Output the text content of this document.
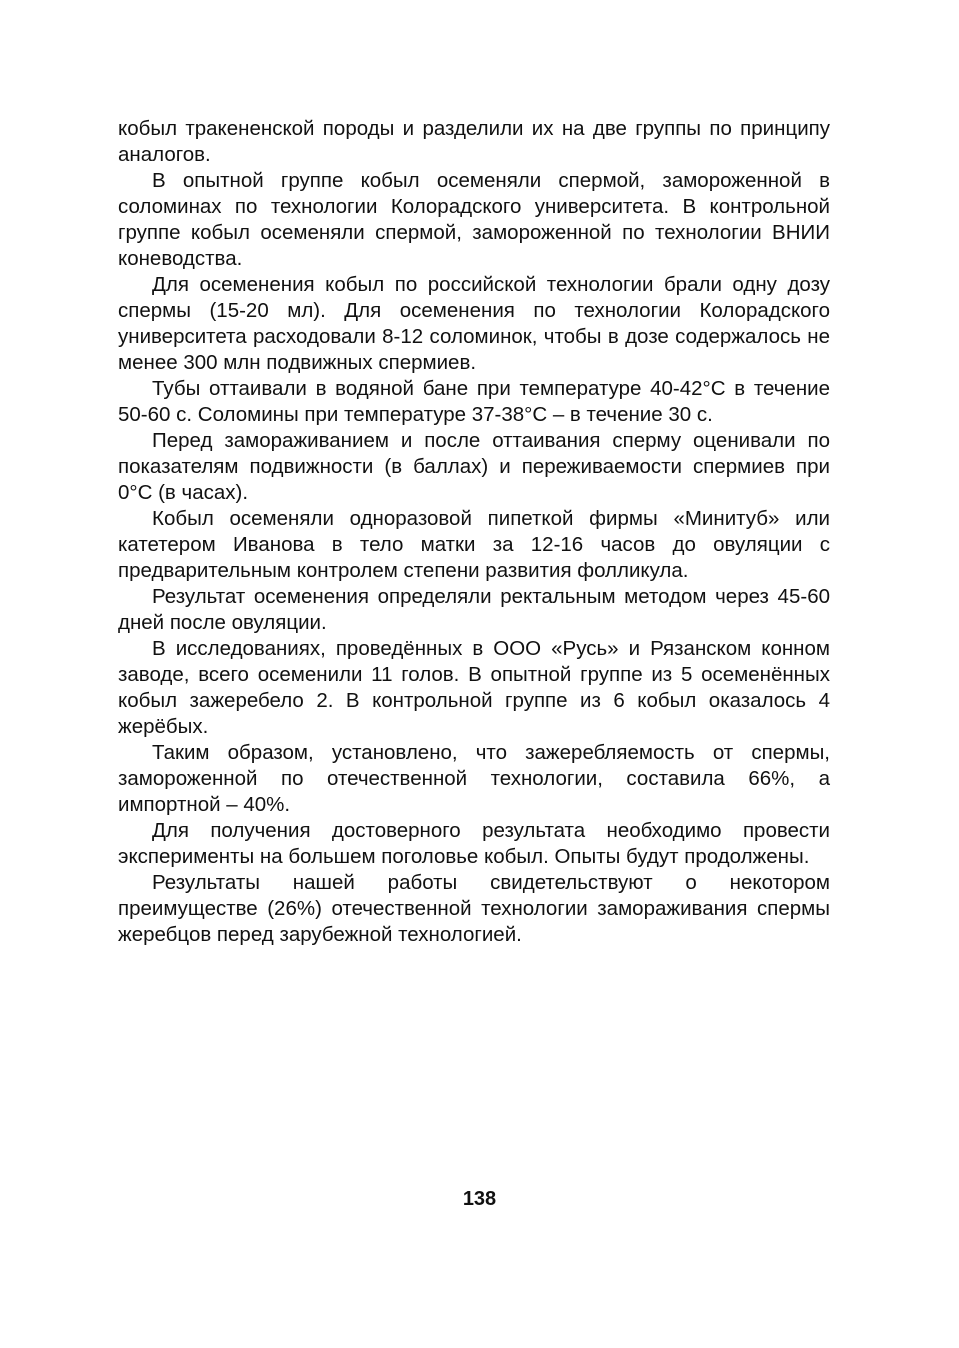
кобыл тракененской породы и разделили их на две группы по принципу аналогов.

В опытной группе кобыл осеменяли спермой, замороженной в соломинах по технологии Колорадского университета. В контрольной группе кобыл осеменяли спермой, замороженной по технологии ВНИИ коневодства.

Для осеменения кобыл по российской технологии брали одну дозу спермы (15-20 мл). Для осеменения по технологии Колорадского университета расходовали 8-12 соломинок, чтобы в дозе содержалось не менее 300 млн подвижных спермиев.

Тубы оттаивали в водяной бане при температуре 40-42°С в течение 50-60 с. Соломины при температуре 37-38°С – в течение 30 с.

Перед замораживанием и после оттаивания сперму оценивали по показателям подвижности (в баллах) и переживаемости спермиев при 0°С (в часах).

Кобыл осеменяли одноразовой пипеткой фирмы «Минитуб» или катетером Иванова в тело матки за 12-16 часов до овуляции с предварительным контролем степени развития фолликула.

Результат осеменения определяли ректальным методом через 45-60 дней после овуляции.

В исследованиях, проведённых в ООО «Русь» и Рязанском конном заводе, всего осеменили 11 голов. В опытной группе из 5 осеменённых кобыл зажеребело 2. В контрольной группе из 6 кобыл оказалось 4 жерёбых.

Таким образом, установлено, что зажеребляемость от спермы, замороженной по отечественной технологии, составила 66%, а импортной – 40%.

Для получения достоверного результата необходимо провести эксперименты на большем поголовье кобыл. Опыты будут продолжены.

Результаты нашей работы свидетельствуют о некотором преимуществе (26%) отечественной технологии замораживания спермы жеребцов перед зарубежной технологией.

138
